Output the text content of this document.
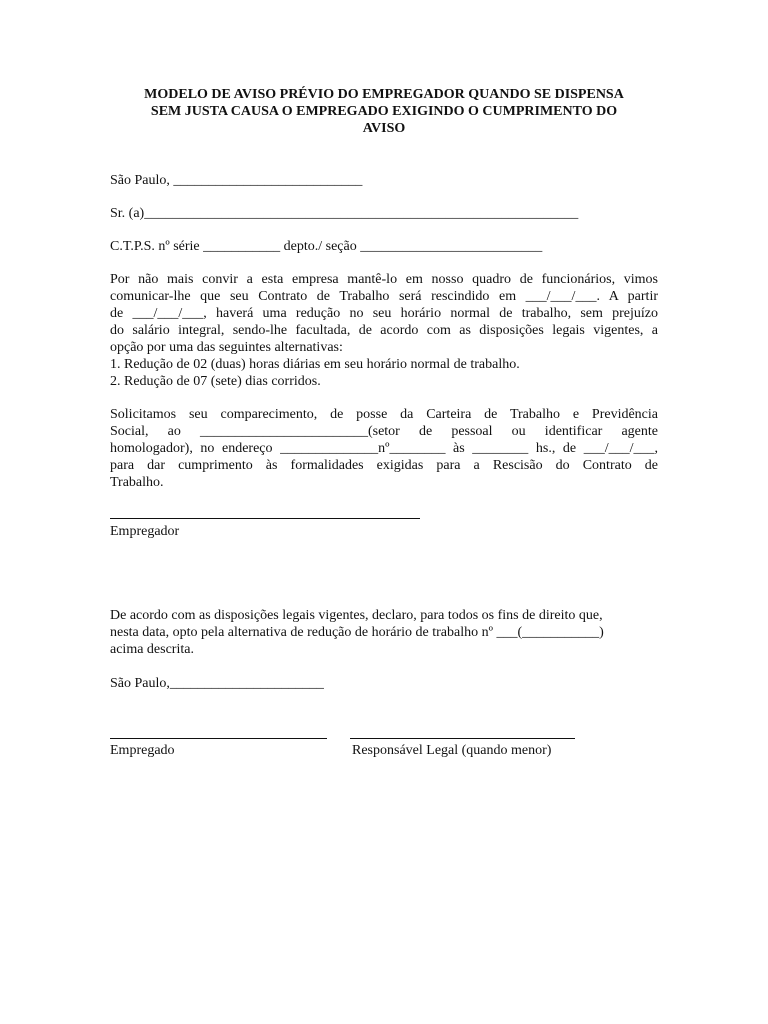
MODELO DE AVISO PRÉVIO DO EMPREGADOR QUANDO SE DISPENSA
SEM JUSTA CAUSA O EMPREGADO EXIGINDO O CUMPRIMENTO DO
AVISO
São Paulo, ___________________________
Sr. (a)______________________________________________________________
C.T.P.S. nº série ___________ depto./ seção __________________________
Por não mais convir a esta empresa mantê-lo em nosso quadro de funcionários, vimos
comunicar-lhe que seu Contrato de Trabalho será rescindido em ___/___/___. A partir
de ___/___/___, haverá uma redução no seu horário normal de trabalho, sem prejuízo
do salário integral, sendo-lhe facultada, de acordo com as disposições legais vigentes, a
opção por uma das seguintes alternativas:
1. Redução de 02 (duas) horas diárias em seu horário normal de trabalho.
2. Redução de 07 (sete) dias corridos.
Solicitamos seu comparecimento, de posse da Carteira de Trabalho e Previdência
Social, ao ________________________(setor de pessoal ou identificar agente
homologador), no endereço ______________nº________ às ________ hs., de ___/___/___,
para dar cumprimento às formalidades exigidas para a Rescisão do Contrato de
Trabalho.
Empregador
De acordo com as disposições legais vigentes, declaro, para todos os fins de direito que,
nesta data, opto pela alternativa de redução de horário de trabalho nº ___(___________)
acima descrita.
São Paulo,______________________
Empregado	Responsável Legal (quando menor)
